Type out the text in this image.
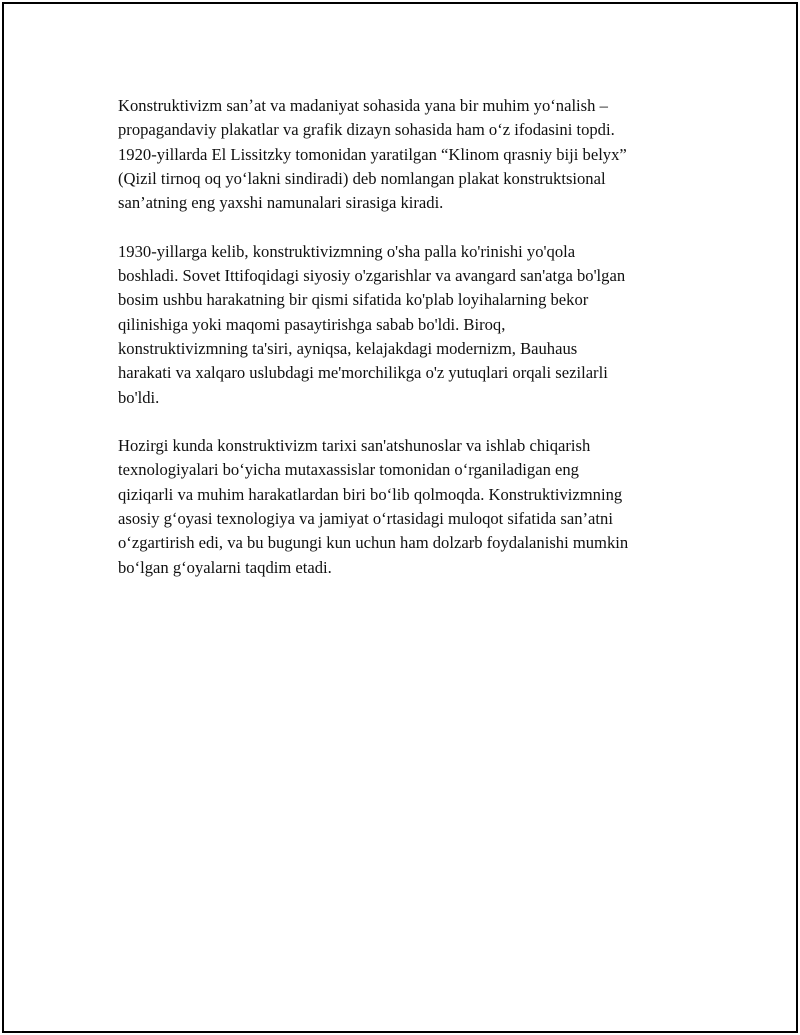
Konstruktivizm sanʼat va madaniyat sohasida yana bir muhim yo‘nalish –
propagandaviy plakatlar va grafik dizayn sohasida ham o‘z ifodasini topdi.
1920-yillarda El Lissitzky tomonidan yaratilgan “Klinom qrasniy biji belyx”
(Qizil tirnoq oq yo‘lakni sindiradi) deb nomlangan plakat konstruktsional
san’atning eng yaxshi namunalari sirasiga kiradi.

1930-yillarga kelib, konstruktivizmning o'sha palla ko'rinishi yo'qola
boshladi. Sovet Ittifoqidagi siyosiy o'zgarishlar va avangard san'atga bo'lgan
bosim ushbu harakatning bir qismi sifatida ko'plab loyihalarning bekor
qilinishiga yoki maqomi pasaytirishga sabab bo'ldi. Biroq,
konstruktivizmning ta'siri, ayniqsa, kelajakdagi modernizm, Bauhaus
harakati va xalqaro uslubdagi me'morchilikga o'z yutuqlari orqali sezilarli
bo'ldi.

Hozirgi kunda konstruktivizm tarixi san'atshunoslar va ishlab chiqarish
texnologiyalari bo‘yicha mutaxassislar tomonidan o‘rganiladigan eng
qiziqarli va muhim harakatlardan biri bo‘lib qolmoqda. Konstruktivizmning
asosiy g‘oyasi texnologiya va jamiyat o‘rtasidagi muloqot sifatida san’atni
o‘zgartirish edi, va bu bugungi kun uchun ham dolzarb foydalanishi mumkin
bo‘lgan g‘oyalarni taqdim etadi.
